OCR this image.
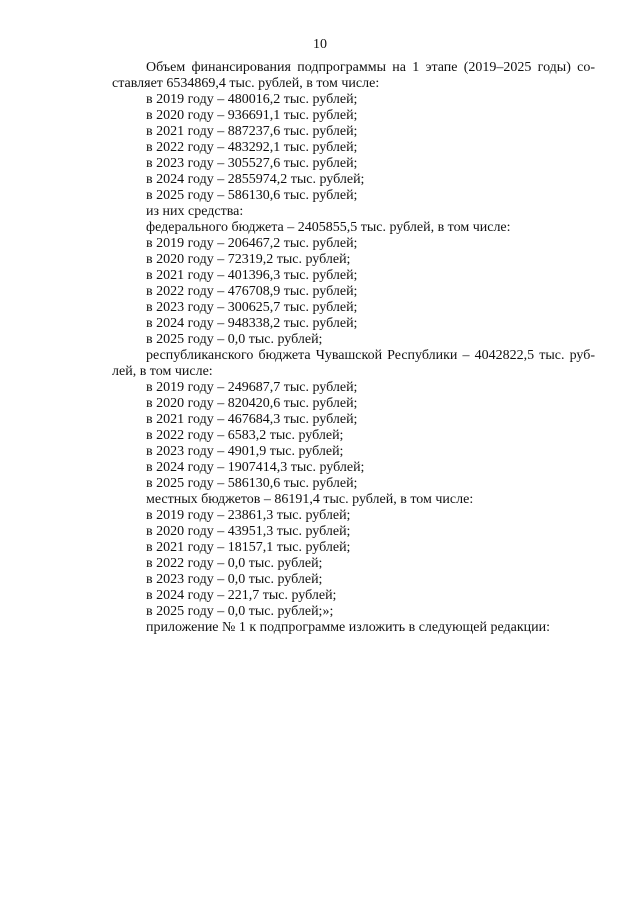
10
Объем финансирования подпрограммы на 1 этапе (2019–2025 годы) со-
ставляет 6534869,4 тыс. рублей, в том числе:
в 2019 году – 480016,2 тыс. рублей;
в 2020 году – 936691,1 тыс. рублей;
в 2021 году – 887237,6 тыс. рублей;
в 2022 году – 483292,1 тыс. рублей;
в 2023 году – 305527,6 тыс. рублей;
в 2024 году – 2855974,2 тыс. рублей;
в 2025 году – 586130,6 тыс. рублей;
из них средства:
федерального бюджета – 2405855,5 тыс. рублей, в том числе:
в 2019 году – 206467,2 тыс. рублей;
в 2020 году – 72319,2 тыс. рублей;
в 2021 году – 401396,3 тыс. рублей;
в 2022 году – 476708,9 тыс. рублей;
в 2023 году – 300625,7 тыс. рублей;
в 2024 году – 948338,2 тыс. рублей;
в 2025 году – 0,0 тыс. рублей;
республиканского бюджета Чувашской Республики – 4042822,5 тыс. руб-
лей, в том числе:
в 2019 году – 249687,7 тыс. рублей;
в 2020 году – 820420,6 тыс. рублей;
в 2021 году – 467684,3 тыс. рублей;
в 2022 году – 6583,2 тыс. рублей;
в 2023 году – 4901,9 тыс. рублей;
в 2024 году – 1907414,3 тыс. рублей;
в 2025 году – 586130,6 тыс. рублей;
местных бюджетов – 86191,4 тыс. рублей, в том числе:
в 2019 году – 23861,3 тыс. рублей;
в 2020 году – 43951,3 тыс. рублей;
в 2021 году – 18157,1 тыс. рублей;
в 2022 году – 0,0 тыс. рублей;
в 2023 году – 0,0 тыс. рублей;
в 2024 году – 221,7 тыс. рублей;
в 2025 году – 0,0 тыс. рублей;»;
приложение № 1 к подпрограмме изложить в следующей редакции:
